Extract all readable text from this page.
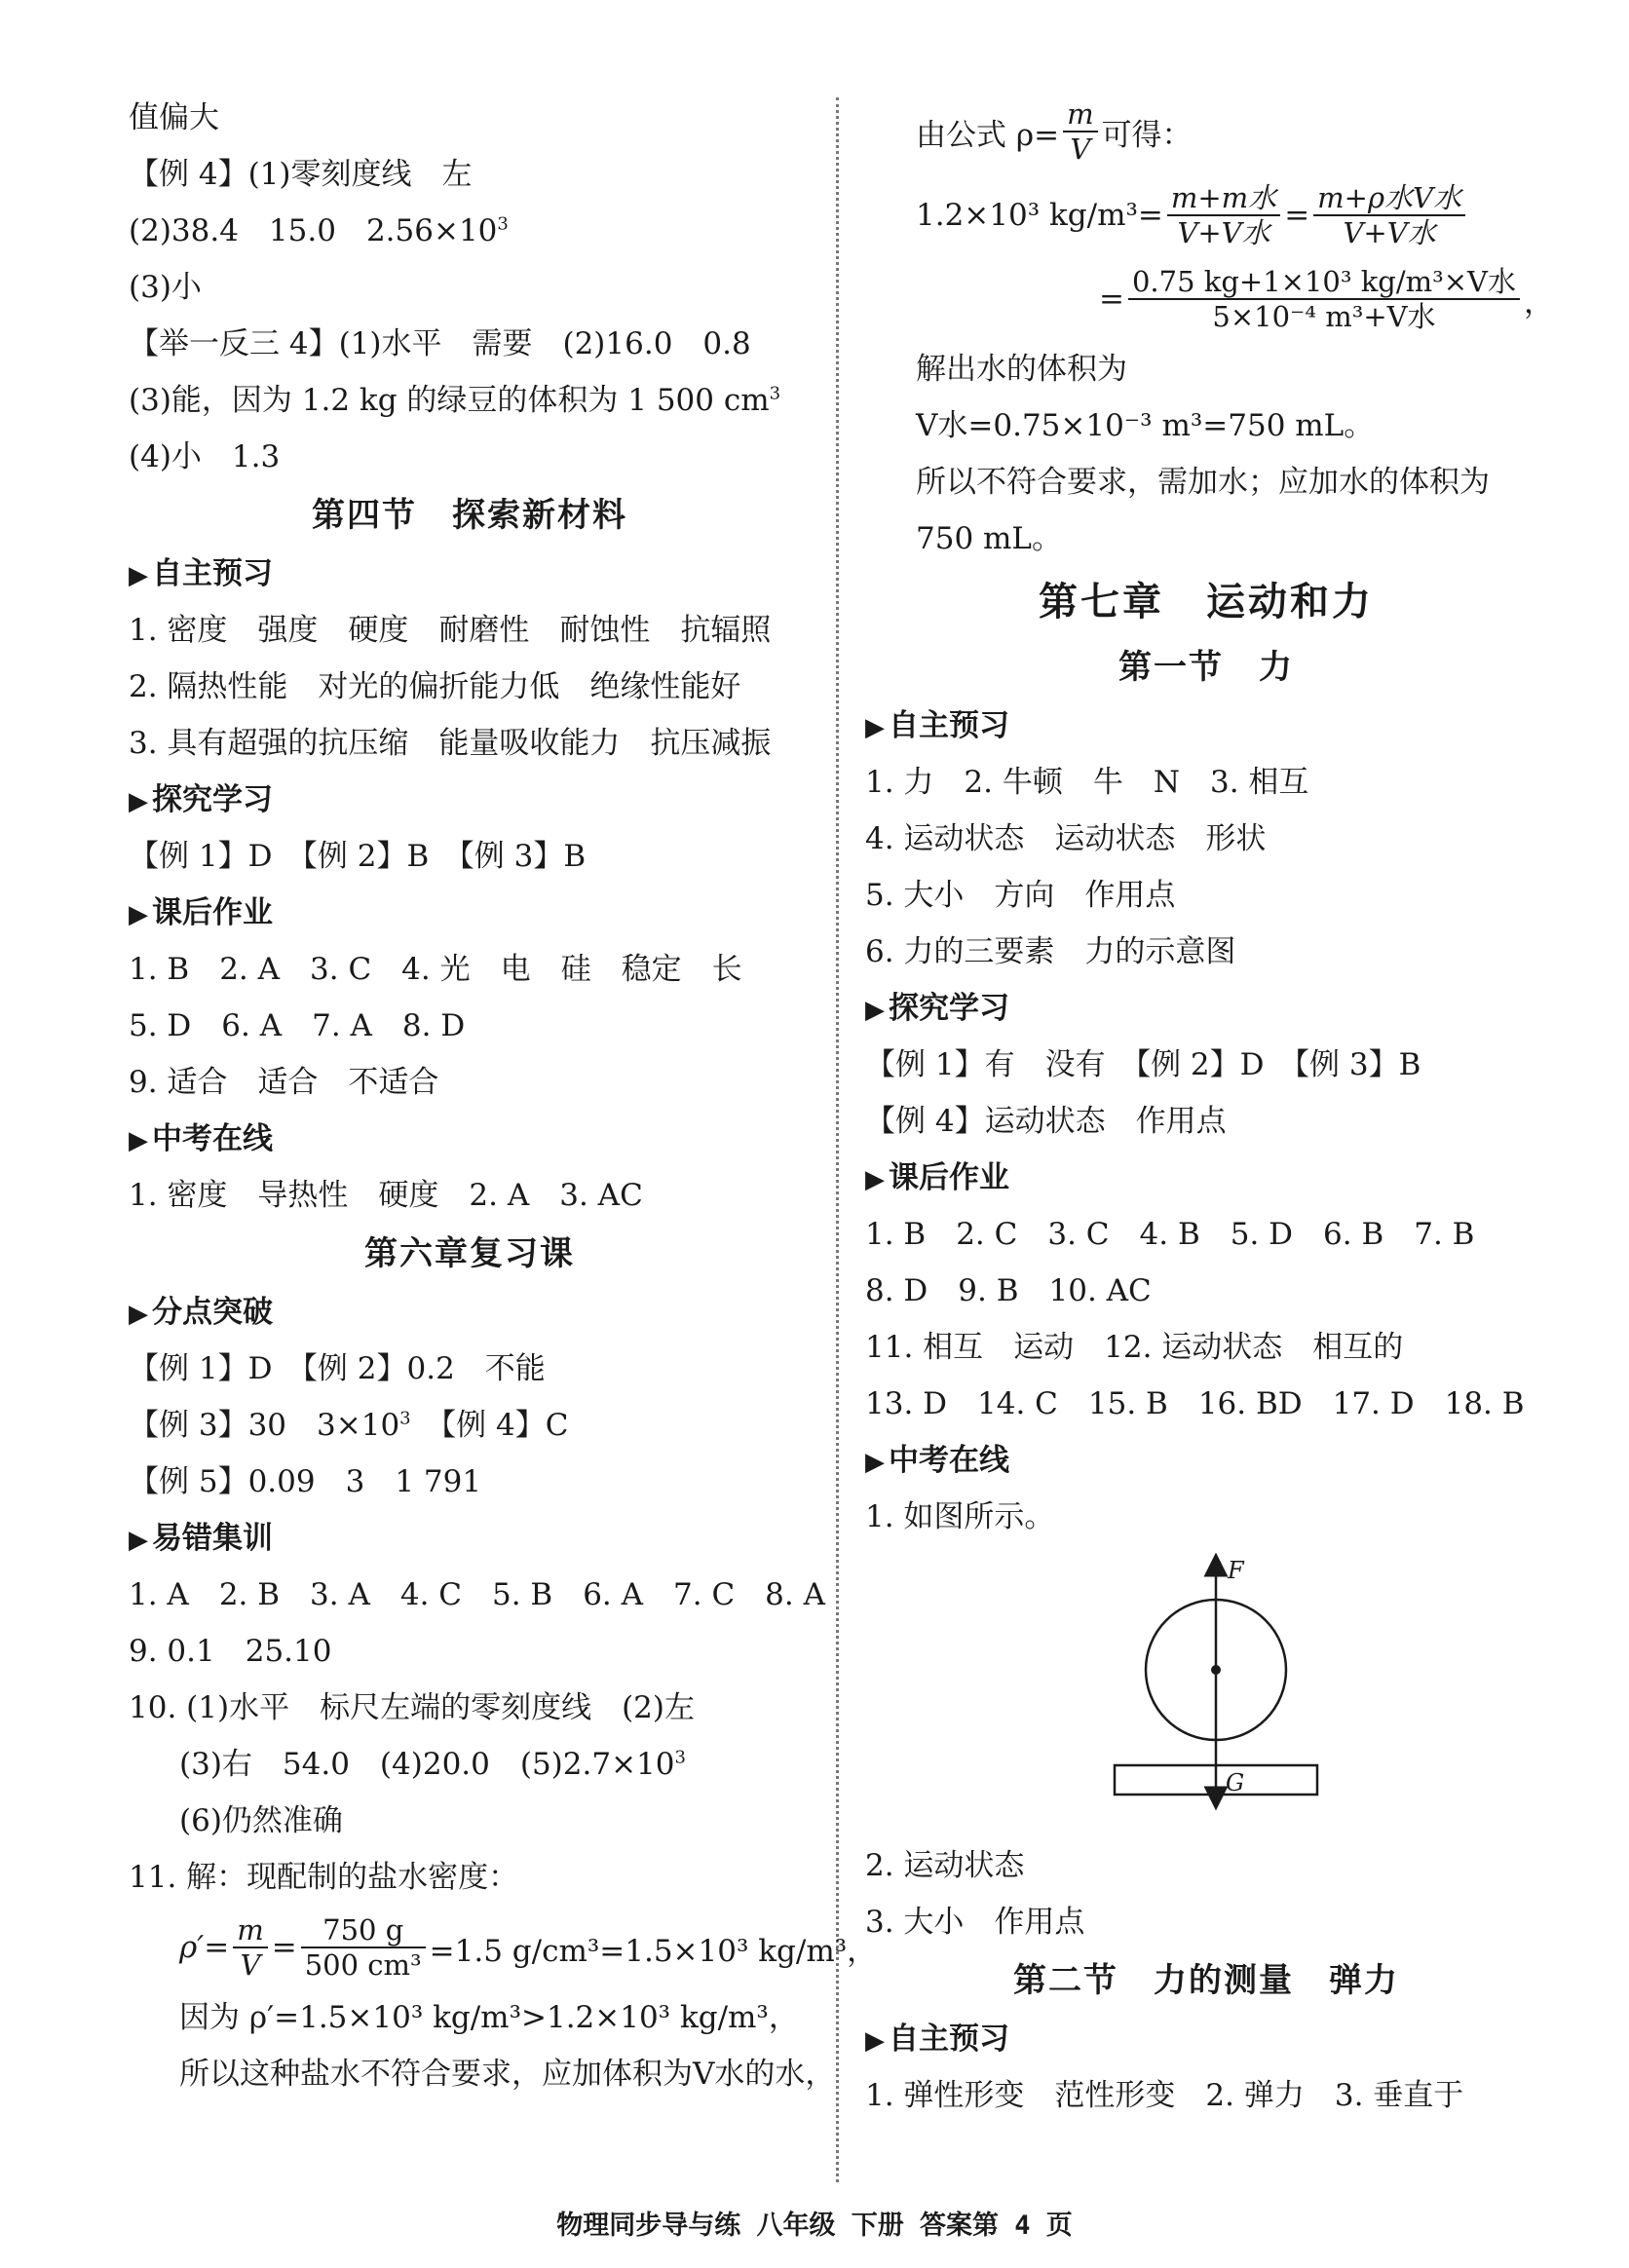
值偏大
【例 4】(1)零刻度线　左
(2)38.4　15.0　$2.56\times 10^3$
(3)小
【举一反三 4】(1)水平　需要　(2)16.0　0.8
(3)能，因为 1.2 kg 的绿豆的体积为 1 500 $cm^3$
(4)小　1.3
第四节　探索新材料
▶ 自主预习
1. 密度　强度　硬度　耐磨性　耐蚀性　抗辐照
2. 隔热性能　对光的偏折能力低　绝缘性能好
3. 具有超强的抗压缩　能量吸收能力　抗压减振
▶ 探究学习
【例 1】D　【例 2】B　【例 3】B
▶ 课后作业
1. B　2. A　3. C　4. 光　电　硅　稳定　长
5. D　6. A　7. A　8. D
9. 适合　适合　不适合
▶ 中考在线
1. 密度　导热性　硬度　2. A　3. AC
第六章复习课
▶ 分点突破
【例 1】D　【例 2】0.2　不能
【例 3】30　$3\times 10^3$　【例 4】C
【例 5】0.09　3　1 791
▶ 易错集训
1. A　2. B　3. A　4. C　5. B　6. A　7. C　8. A
9. 0.1　25.10
10. (1)水平　标尺左端的零刻度线　(2)左
(3)右　54.0　(4)20.0　$(5)2.7\times 10^3$
(6)仍然准确
11. 解：现配制的盐水密度：
$\rho'= \frac{m}{V} = \frac{750 g}{\text{500 cm³}} =1.5$ g/cm³=1.5×10³ kg/m³，
因为 ρ′=1.5×10³ kg/m³>1.2×10³ kg/m³，
所以这种盐水不符合要求，应加体积为V水的水，
由公式 $\rho= \frac{m}{V}$ 可得：
1.2×10³ $kg/m^3= \frac{\text{m+m水}}{\text{V+V水}} = \frac{\text{m+ρ水V水}}{\text{V+V水}}$
= $\frac{\text{0.75 kg+1×10³ kg/m³×V水}}{\text{5×10⁻⁴ m³+V水}}$ ，
解出水的体积为
V水=0.75×10⁻³ m³=750 mL。
所以不符合要求，需加水；应加水的体积为
750 mL。
第七章　运动和力
第一节　力
▶ 自主预习
1. 力　2. 牛顿　牛　N　3. 相互
4. 运动状态　运动状态　形状
5. 大小　方向　作用点
6. 力的三要素　力的示意图
▶ 探究学习
【例 1】有　没有　【例 2】D　【例 3】B
【例 4】运动状态　作用点
▶ 课后作业
1. B　2. C　3. C　4. B　5. D　6. B　7. B
8. D　9. B　10. AC
11. 相互　运动　12. 运动状态　相互的
13. D　14. C　15. B　16. BD　17. D　18. B
▶ 中考在线
1. 如图所示。
F
G
2. 运动状态
3. 大小　作用点
第二节　力的测量　弹力
▶ 自主预习
1. 弹性形变　范性形变　2. 弹力　3. 垂直于
物理同步导与练 八年级 下册 答案第 4 页
